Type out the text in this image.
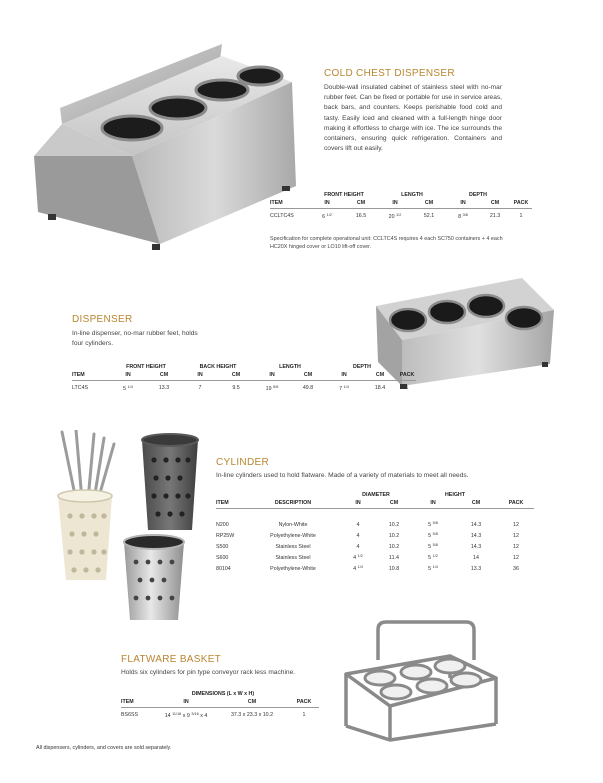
COLD CHEST DISPENSER
Double-wall insulated cabinet of stainless steel with no-mar rubber feet. Can be fixed or portable for use in service areas, back bars, and counters. Keeps perishable food cold and tasty. Easily iced and cleaned with a full-length hinge door making it effortless to charge with ice. The ice surrounds the containers, ensuring quick refrigeration. Containers and covers lift out easily.
	FRONT HEIGHT		LENGTH		DEPTH		
ITEM	IN	CM	IN	CM	IN	CM	PACK
CCLTC4S	6 $^{1/2}$	16.5	20 $^{1/2}$	52.1	8 $^{3/8}$	21.3	1
Specification for complete operational unit: CCLTC4S requires 4 each SC750 containers + 4 each HC20X hinged cover or LO10 lift-off cover.
DISPENSER
In-line dispenser, no-mar rubber feet, holds four cylinders.
	FRONT HEIGHT		BACK HEIGHT		LENGTH		DEPTH		
ITEM	IN	CM	IN	CM	IN	CM	IN	CM	PACK
LTC4S	5 $^{1/4}$	13.3	7	9.5	19 $^{5/8}$	49.8	7 $^{1/4}$	18.4	1
CYLINDER
In-line cylinders used to hold flatware. Made of a variety of materials to meet all needs.
		DIAMETER		HEIGHT		
ITEM	DESCRIPTION	IN	CM	IN	CM	PACK

N200	Nylon-White	4	10.2	5 $^{5/8}$	14.3	12
RP25W	Polyethylene-White	4	10.2	5 $^{5/8}$	14.3	12
S500	Stainless Steel	4	10.2	5 $^{5/8}$	14.3	12
S600	Stainless Steel	4 $^{1/2}$	11.4	5 $^{1/2}$	14	12
80104	Polyethylene-White	4 $^{1/4}$	10.8	5 $^{1/4}$	13.3	36
FLATWARE BASKET
Holds six cylinders for pin type conveyor rack less machine.
	DIMENSIONS (L x W x H)		
ITEM	IN	CM	PACK
BS6SS	14 $^{11/16}$ x 9 $^{3/16}$ x 4	37.3 x 23.3 x 10.2	1
All dispensers, cylinders, and covers are sold separately.
